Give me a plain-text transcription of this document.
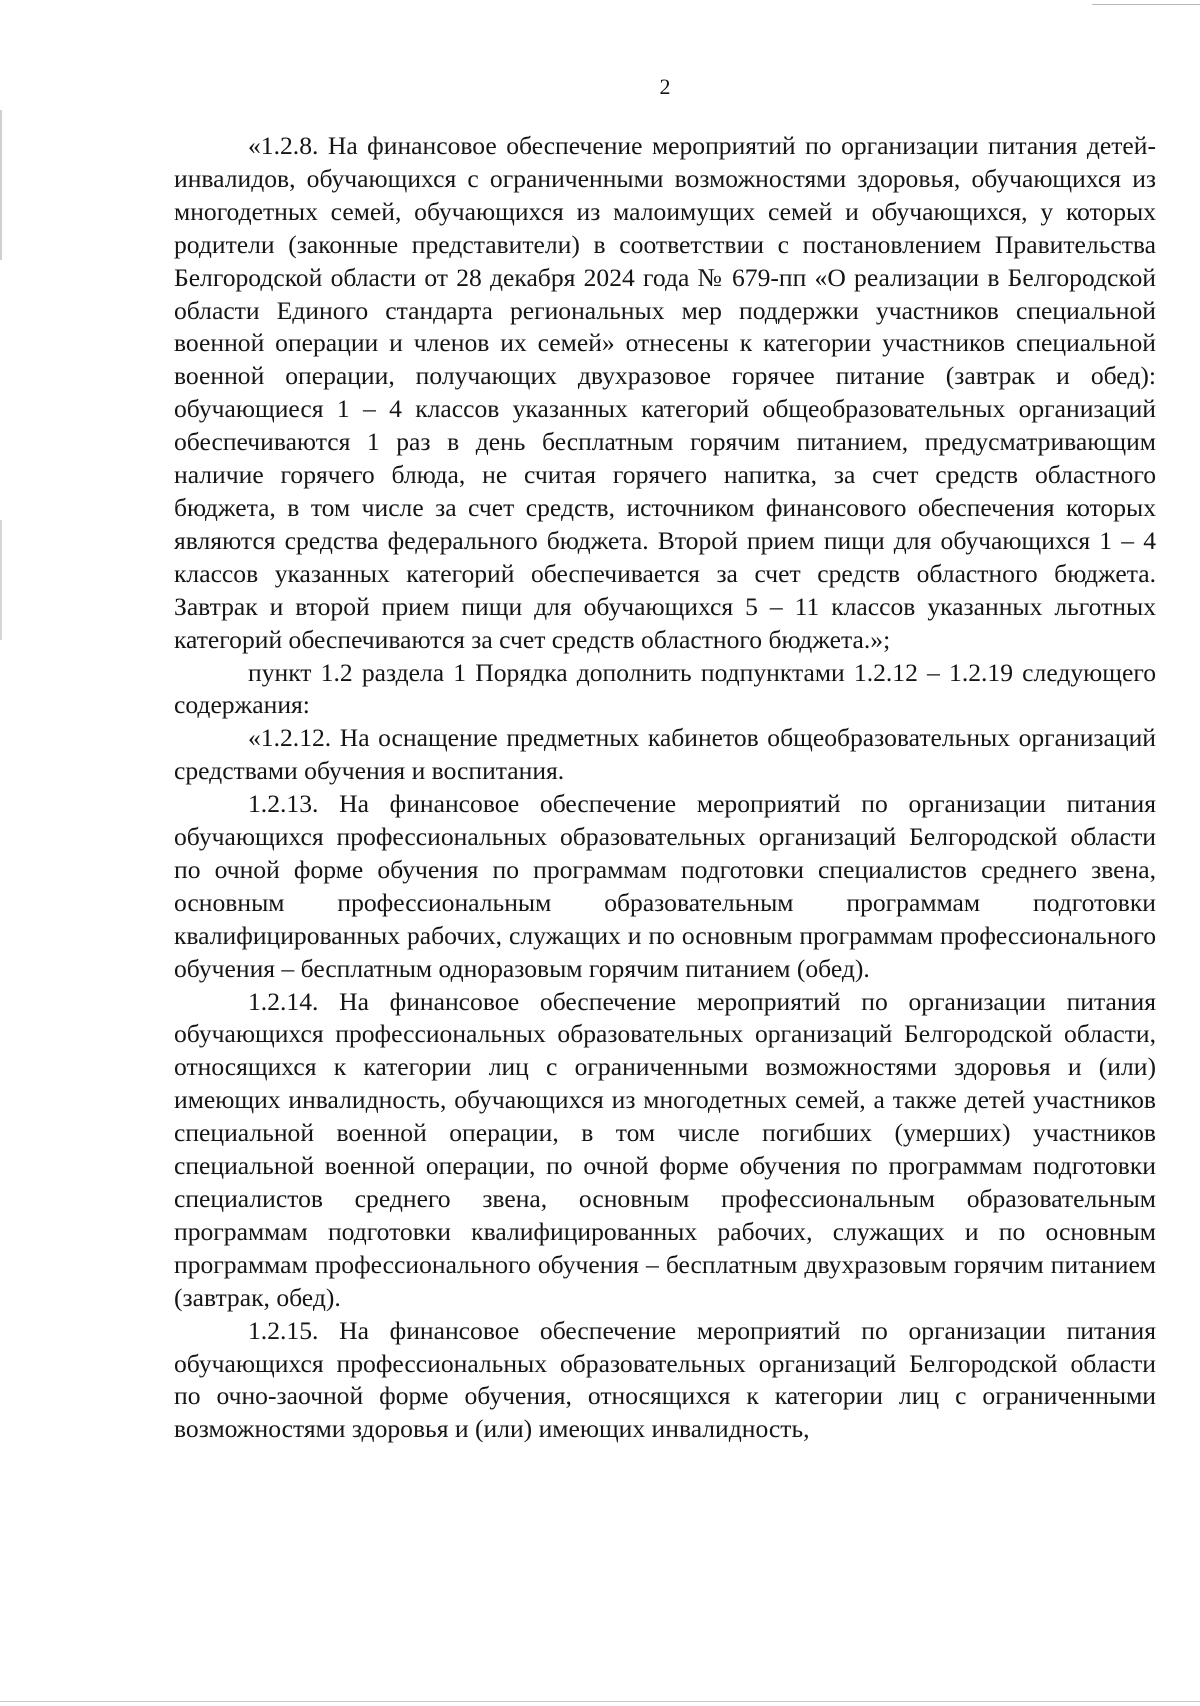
2

«1.2.8. На финансовое обеспечение мероприятий по организации питания детей-инвалидов, обучающихся с ограниченными возможностями здоровья, обучающихся из многодетных семей, обучающихся из малоимущих семей и обучающихся, у которых родители (законные представители) в соответствии с постановлением Правительства Белгородской области от 28 декабря 2024 года № 679-пп «О реализации в Белгородской области Единого стандарта региональных мер поддержки участников специальной военной операции и членов их семей» отнесены к категории участников специальной военной операции, получающих двухразовое горячее питание (завтрак и обед): обучающиеся 1 – 4 классов указанных категорий общеобразовательных организаций обеспечиваются 1 раз в день бесплатным горячим питанием, предусматривающим наличие горячего блюда, не считая горячего напитка, за счет средств областного бюджета, в том числе за счет средств, источником финансового обеспечения которых являются средства федерального бюджета. Второй прием пищи для обучающихся 1 – 4 классов указанных категорий обеспечивается за счет средств областного бюджета. Завтрак и второй прием пищи для обучающихся 5 – 11 классов указанных льготных категорий обеспечиваются за счет средств областного бюджета.»;

пункт 1.2 раздела 1 Порядка дополнить подпунктами 1.2.12 – 1.2.19 следующего содержания:

«1.2.12. На оснащение предметных кабинетов общеобразовательных организаций средствами обучения и воспитания.

1.2.13. На финансовое обеспечение мероприятий по организации питания обучающихся профессиональных образовательных организаций Белгородской области по очной форме обучения по программам подготовки специалистов среднего звена, основным профессиональным образовательным программам подготовки квалифицированных рабочих, служащих и по основным программам профессионального обучения – бесплатным одноразовым горячим питанием (обед).

1.2.14. На финансовое обеспечение мероприятий по организации питания обучающихся профессиональных образовательных организаций Белгородской области, относящихся к категории лиц с ограниченными возможностями здоровья и (или) имеющих инвалидность, обучающихся из многодетных семей, а также детей участников специальной военной операции, в том числе погибших (умерших) участников специальной военной операции, по очной форме обучения по программам подготовки специалистов среднего звена, основным профессиональным образовательным программам подготовки квалифицированных рабочих, служащих и по основным программам профессионального обучения – бесплатным двухразовым горячим питанием (завтрак, обед).

1.2.15. На финансовое обеспечение мероприятий по организации питания обучающихся профессиональных образовательных организаций Белгородской области по очно-заочной форме обучения, относящихся к категории лиц с ограниченными возможностями здоровья и (или) имеющих инвалидность,
